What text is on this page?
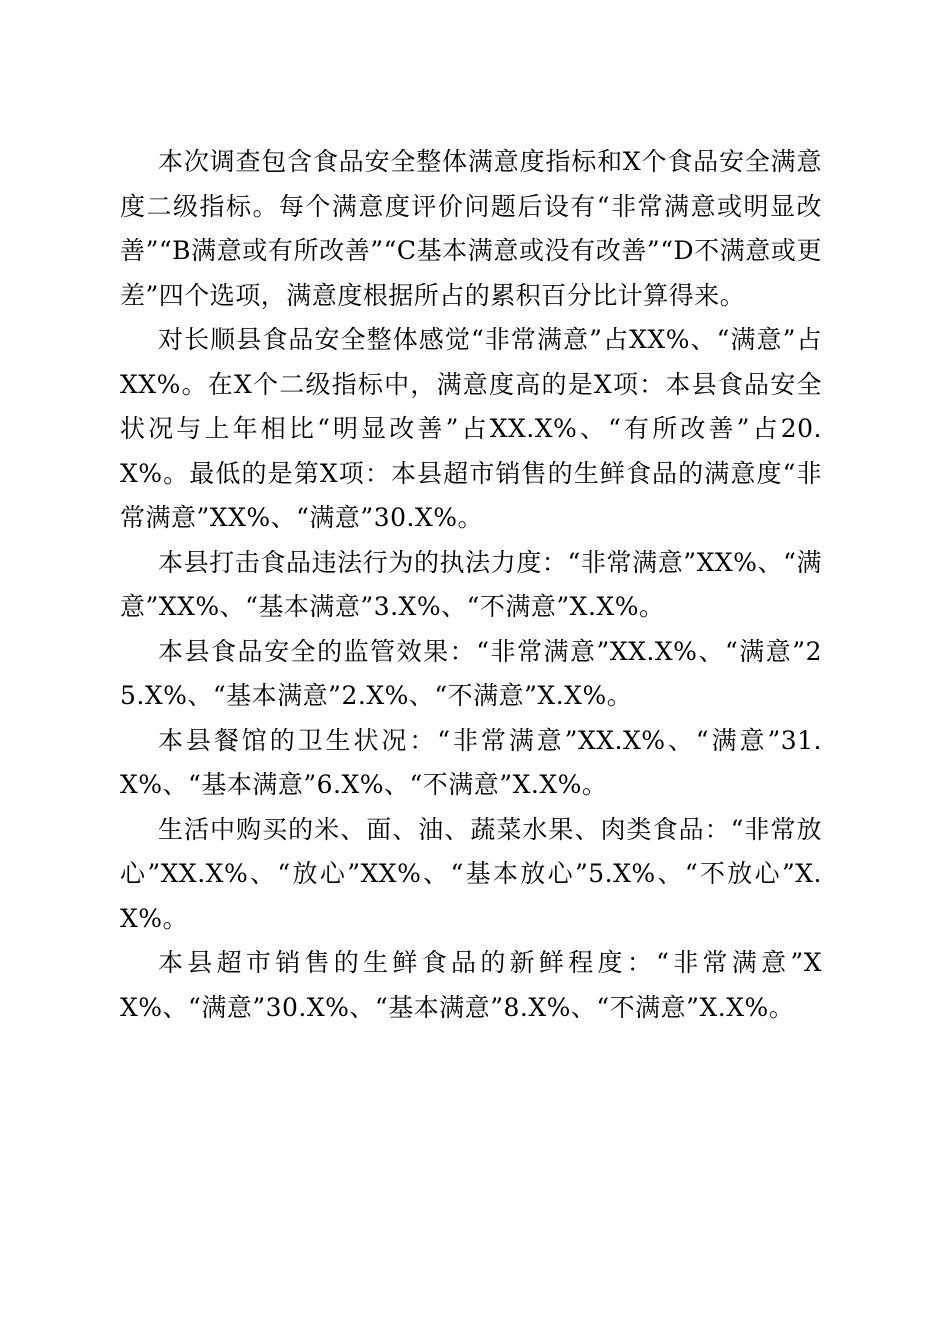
本次调查包含食品安全整体满意度指标和X个食品安全满意度二级指标。每个满意度评价问题后设有“非常满意或明显改善”“B满意或有所改善”“C基本满意或没有改善”“D不满意或更差”四个选项，满意度根据所占的累积百分比计算得来。

对长顺县食品安全整体感觉“非常满意”占XX%、“满意”占XX%。在X个二级指标中，满意度高的是X项：本县食品安全状况与上年相比“明显改善”占XX.X%、“有所改善”占20.X%。最低的是第X项：本县超市销售的生鲜食品的满意度“非常满意”XX%、“满意”30.X%。

本县打击食品违法行为的执法力度：“非常满意”XX%、“满意”XX%、“基本满意”3.X%、“不满意”X.X%。

本县食品安全的监管效果：“非常满意”XX.X%、“满意”25.X%、“基本满意”2.X%、“不满意”X.X%。

本县餐馆的卫生状况：“非常满意”XX.X%、“满意”31.X%、“基本满意”6.X%、“不满意”X.X%。

生活中购买的米、面、油、蔬菜水果、肉类食品：“非常放心”XX.X%、“放心”XX%、“基本放心”5.X%、“不放心”X.X%。

本县超市销售的生鲜食品的新鲜程度：“非常满意”XX%、“满意”30.X%、“基本满意”8.X%、“不满意”X.X%。
